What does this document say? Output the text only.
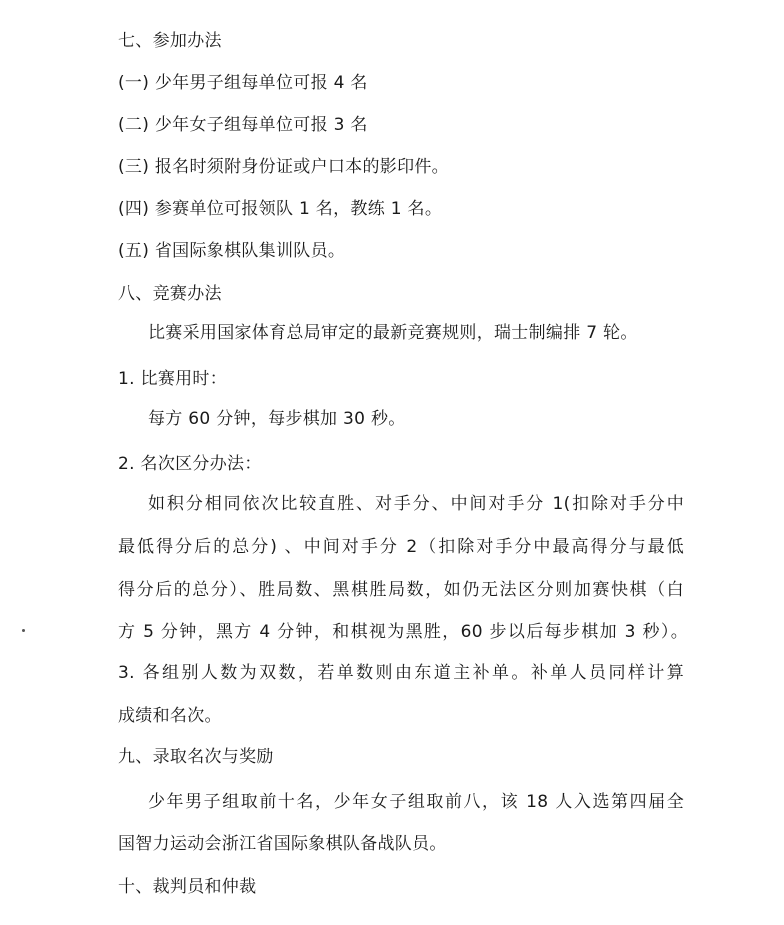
七、参加办法
(一) 少年男子组每单位可报 4 名
(二) 少年女子组每单位可报 3 名
(三) 报名时须附身份证或户口本的影印件。
(四) 参赛单位可报领队 1 名，教练 1 名。
(五) 省国际象棋队集训队员。
八、竞赛办法
比赛采用国家体育总局审定的最新竞赛规则，瑞士制编排 7 轮。
1. 比赛用时：
每方 60 分钟，每步棋加 30 秒。
2. 名次区分办法：
如积分相同依次比较直胜、对手分、中间对手分 1(扣除对手分中
最低得分后的总分) 、中间对手分 2（扣除对手分中最高得分与最低
得分后的总分）、胜局数、黑棋胜局数，如仍无法区分则加赛快棋（白
方 5 分钟，黑方 4 分钟，和棋视为黑胜，60 步以后每步棋加 3 秒）。
3. 各组别人数为双数，若单数则由东道主补单。补单人员同样计算
成绩和名次。
九、录取名次与奖励
少年男子组取前十名，少年女子组取前八，该 18 人入选第四届全
国智力运动会浙江省国际象棋队备战队员。
十、裁判员和仲裁
